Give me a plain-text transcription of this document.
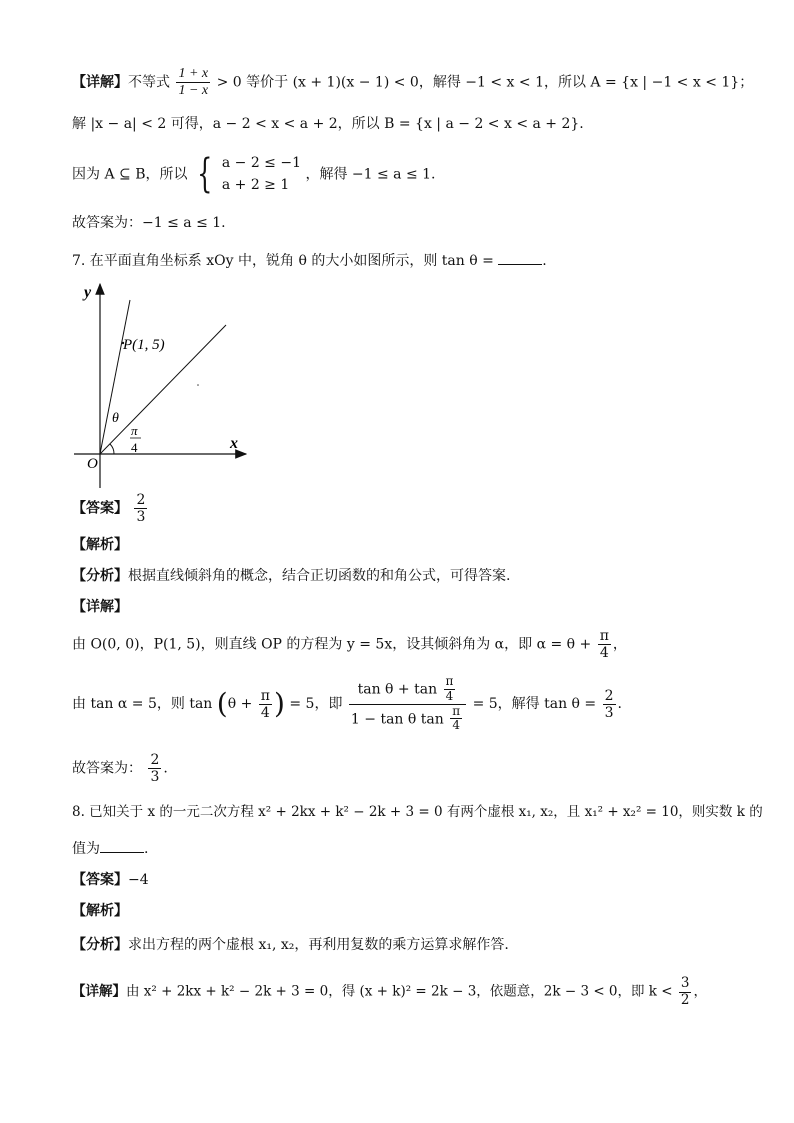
【详解】不等式 $\frac{1 + x}{1 - x} > 0$ 等价于 (x + 1)(x − 1) < 0，解得 −1 < x < 1，所以 A = {x | −1 < x < 1}；
解 |x − a| < 2 可得，a − 2 < x < a + 2，所以 B = {x | a − 2 < x < a + 2}.
因为 A ⊆ B，所以 { a − 2 ≤ −1
a + 2 ≥ 1
，解得 −1 ≤ a ≤ 1.
故答案为：−1 ≤ a ≤ 1.
7. 在平面直角坐标系 xOy 中，锐角 θ 的大小如图所示，则 tan θ =	.
y
x
O
P(1, 5)
θ
π
4
【答案】 $\frac{2}{3}$
【解析】
【分析】根据直线倾斜角的概念，结合正切函数的和角公式，可得答案.
【详解】
由 O(0, 0)，P(1, 5)，则直线 OP 的方程为 y = 5x，设其倾斜角为 α，即 $\alpha = \theta + \frac{\pi}{4}$ ，
由 tan α = 5，则 $\tan (\theta + \frac{\pi}{4}$ ) = 5，即 $\frac{\tan \theta + \tan \frac{\pi}{4}}{1 - \tan \theta \tan \frac{\pi}{4}} = 5$，解得 $\tan \theta = \frac{2}{3}$ .
故答案为： $\frac{2}{3}$ .
8. 已知关于 x 的一元二次方程 x² + 2kx + k² − 2k + 3 = 0 有两个虚根 x₁, x₂，且 x₁² + x₂² = 10，则实数 k 的
值为	.
【答案】−4
【解析】
【分析】求出方程的两个虚根 x₁, x₂，再利用复数的乘方运算求解作答.
【详解】由 x² + 2kx + k² − 2k + 3 = 0，得 (x + k)² = 2k − 3，依题意，2k − 3 < 0，即 $k < \frac{3}{2}$ ，
